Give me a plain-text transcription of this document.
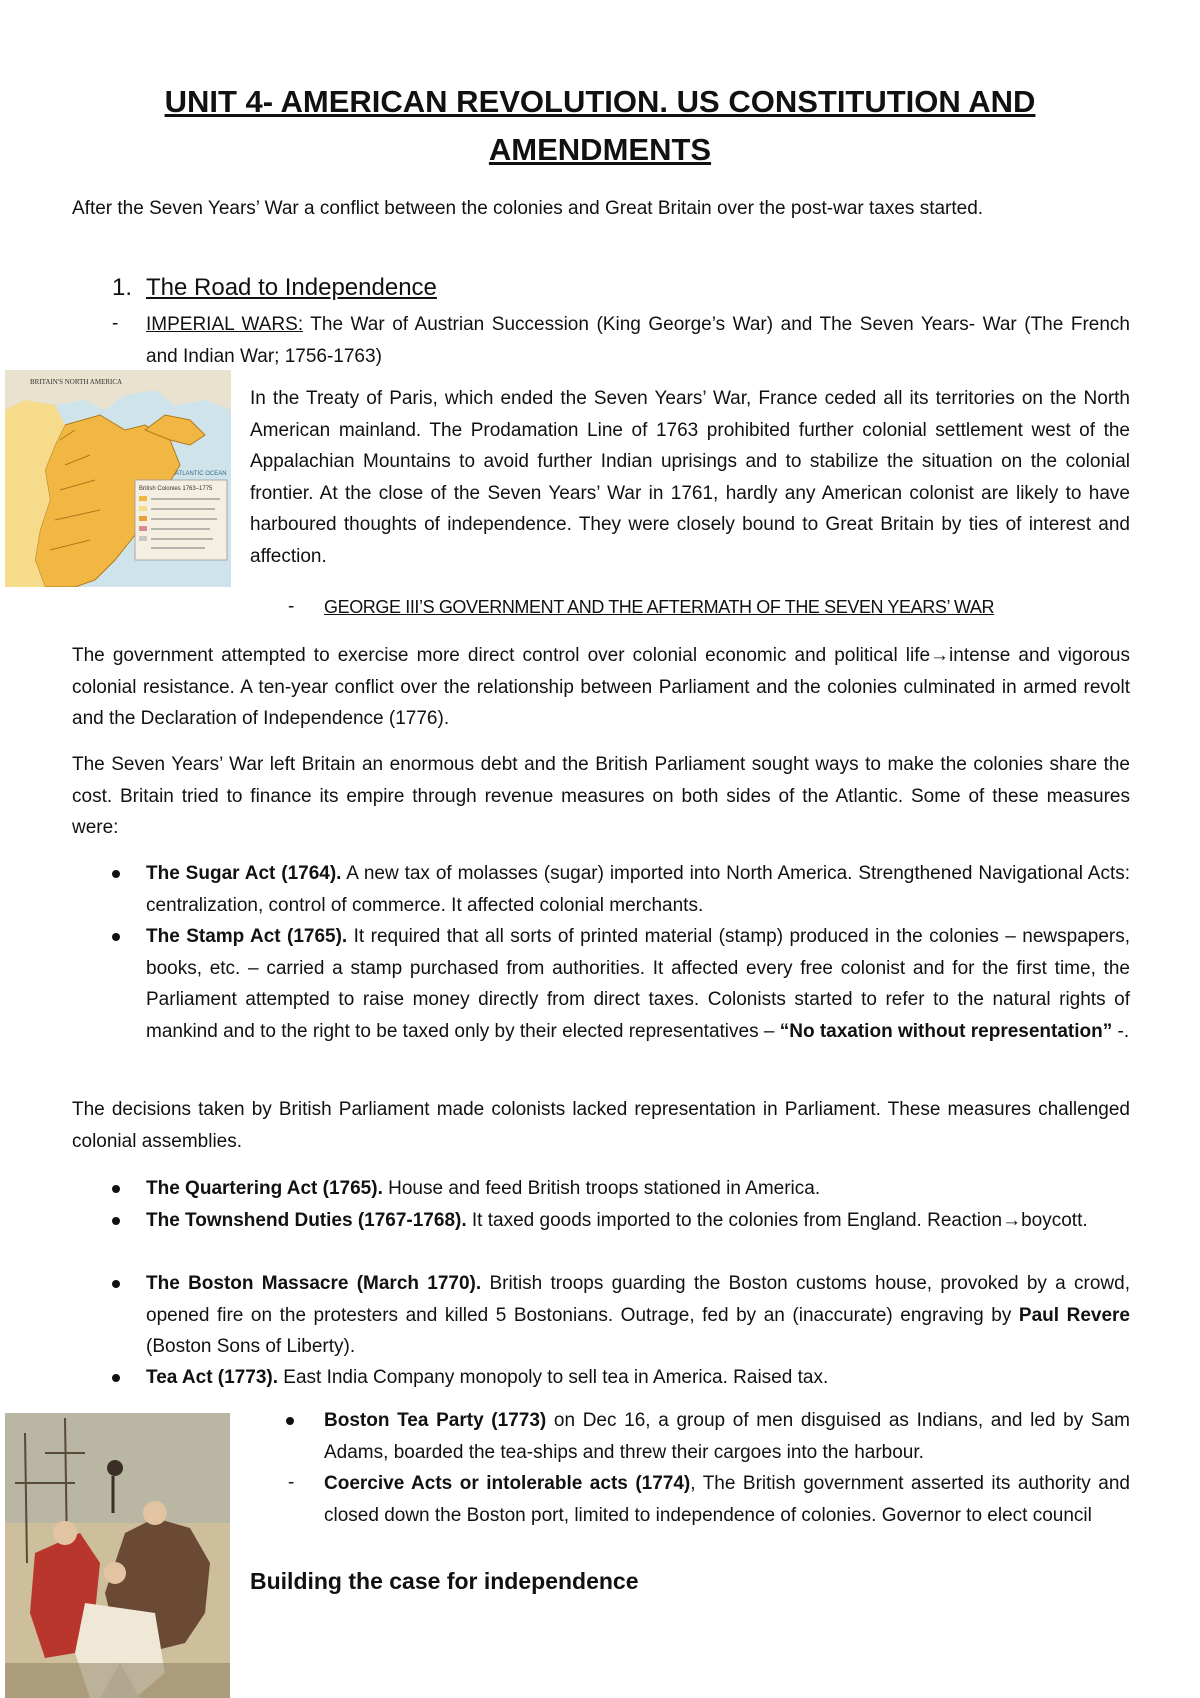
UNIT 4- AMERICAN REVOLUTION. US CONSTITUTION AND AMENDMENTS
After the Seven Years’ War a conflict between the colonies and Great Britain over the post-war taxes started.
1. The Road to Independence
- IMPERIAL WARS: The War of Austrian Succession (King George’s War) and The Seven Years- War (The French and Indian War; 1756-1763)
BRITAIN'S NORTH AMERICA
ATLANTIC OCEAN
British Colonies 1763–1775
In the Treaty of Paris, which ended the Seven Years’ War, France ceded all its territories on the North American mainland. The Prodamation Line of 1763 prohibited further colonial settlement west of the Appalachian Mountains to avoid further Indian uprisings and to stabilize the situation on the colonial frontier. At the close of the Seven Years’ War in 1761, hardly any American colonist are likely to have harboured thoughts of independence. They were closely bound to Great Britain by ties of interest and affection.
- GEORGE III’S GOVERNMENT AND THE AFTERMATH OF THE SEVEN YEARS’ WAR
The government attempted to exercise more direct control over colonial economic and political life→intense and vigorous colonial resistance. A ten-year conflict over the relationship between Parliament and the colonies culminated in armed revolt and the Declaration of Independence (1776).
The Seven Years’ War left Britain an enormous debt and the British Parliament sought ways to make the colonies share the cost. Britain tried to finance its empire through revenue measures on both sides of the Atlantic. Some of these measures were:
The Sugar Act (1764). A new tax of molasses (sugar) imported into North America. Strengthened Navigational Acts: centralization, control of commerce. It affected colonial merchants.
The Stamp Act (1765). It required that all sorts of printed material (stamp) produced in the colonies – newspapers, books, etc. – carried a stamp purchased from authorities. It affected every free colonist and for the first time, the Parliament attempted to raise money directly from direct taxes. Colonists started to refer to the natural rights of mankind and to the right to be taxed only by their elected representatives – “No taxation without representation” -.
The decisions taken by British Parliament made colonists lacked representation in Parliament. These measures challenged colonial assemblies.
The Quartering Act (1765). House and feed British troops stationed in America.
The Townshend Duties (1767-1768). It taxed goods imported to the colonies from England. Reaction→boycott.
The Boston Massacre (March 1770). British troops guarding the Boston customs house, provoked by a crowd, opened fire on the protesters and killed 5 Bostonians. Outrage, fed by an (inaccurate) engraving by Paul Revere (Boston Sons of Liberty).
Tea Act (1773). East India Company monopoly to sell tea in America. Raised tax.
Boston Tea Party (1773) on Dec 16, a group of men disguised as Indians, and led by Sam Adams, boarded the tea-ships and threw their cargoes into the harbour.
- Coercive Acts or intolerable acts (1774), The British government asserted its authority and closed down the Boston port, limited to independence of colonies. Governor to elect council
Building the case for independence
